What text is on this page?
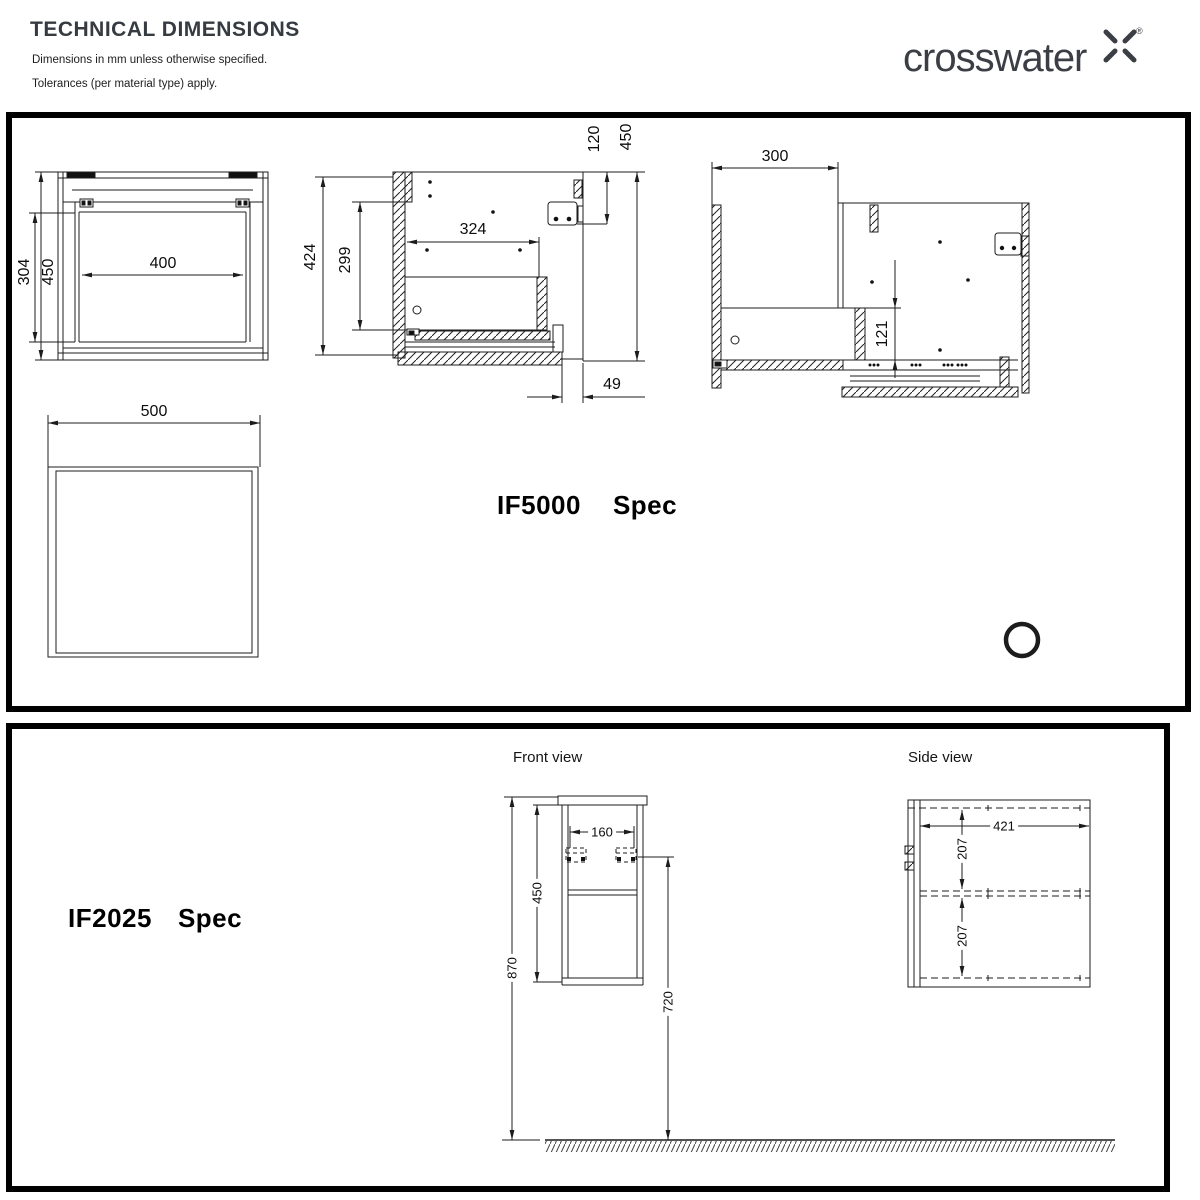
TECHNICAL DIMENSIONS
Dimensions in mm unless otherwise specified.
Tolerances (per material type) apply.
crosswater
®
400
450
304
500
424 299
324
120 450
49
300
121
160
450
870
720
421
207
207
Front view	Side view
IF5000 Spec
IF2025 Spec
